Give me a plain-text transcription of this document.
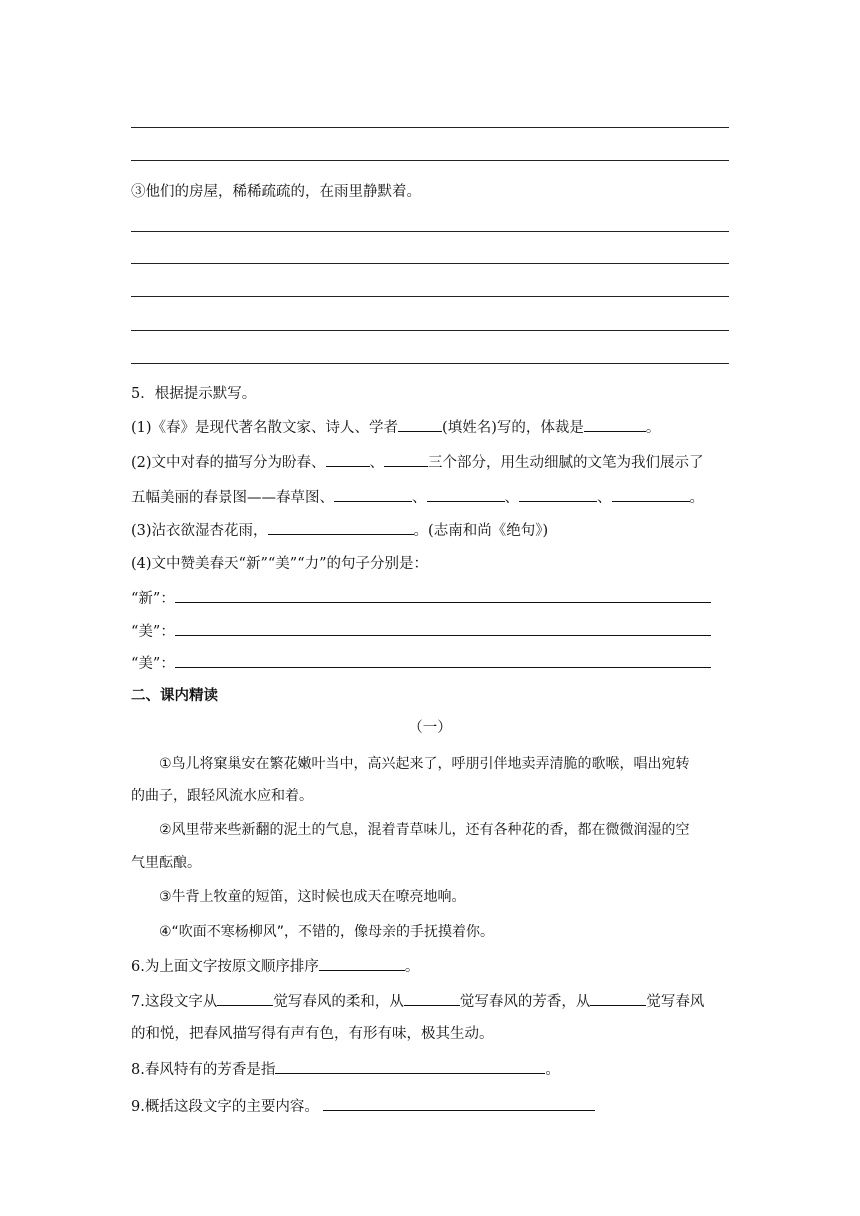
③他们的房屋，稀稀疏疏的，在雨里静默着。
5．根据提示默写。
(1)《春》是现代著名散文家、诗人、学者	(填姓名)写的，体裁是	。
(2)文中对春的描写分为盼春、	、	三个部分，用生动细腻的文笔为我们展示了
五幅美丽的春景图——春草图、	、	、	、	。
(3)沾衣欲湿杏花雨，	。(志南和尚《绝句》)
(4)文中赞美春天“新”“美”“力”的句子分别是：
“新”：
“美”：
“美”：
二、课内精读
（一）
①鸟儿将窠巢安在繁花嫩叶当中，高兴起来了，呼朋引伴地卖弄清脆的歌喉，唱出宛转
的曲子，跟轻风流水应和着。
②风里带来些新翻的泥土的气息，混着青草味儿，还有各种花的香，都在微微润湿的空
气里酝酿。
③牛背上牧童的短笛，这时候也成天在嘹亮地响。
④“吹面不寒杨柳风”，不错的，像母亲的手抚摸着你。
6.为上面文字按原文顺序排序	。
7.这段文字从	觉写春风的柔和，从	觉写春风的芳香，从	觉写春风
的和悦，把春风描写得有声有色，有形有味，极其生动。
8.春风特有的芳香是指	。
9.概括这段文字的主要内容。
